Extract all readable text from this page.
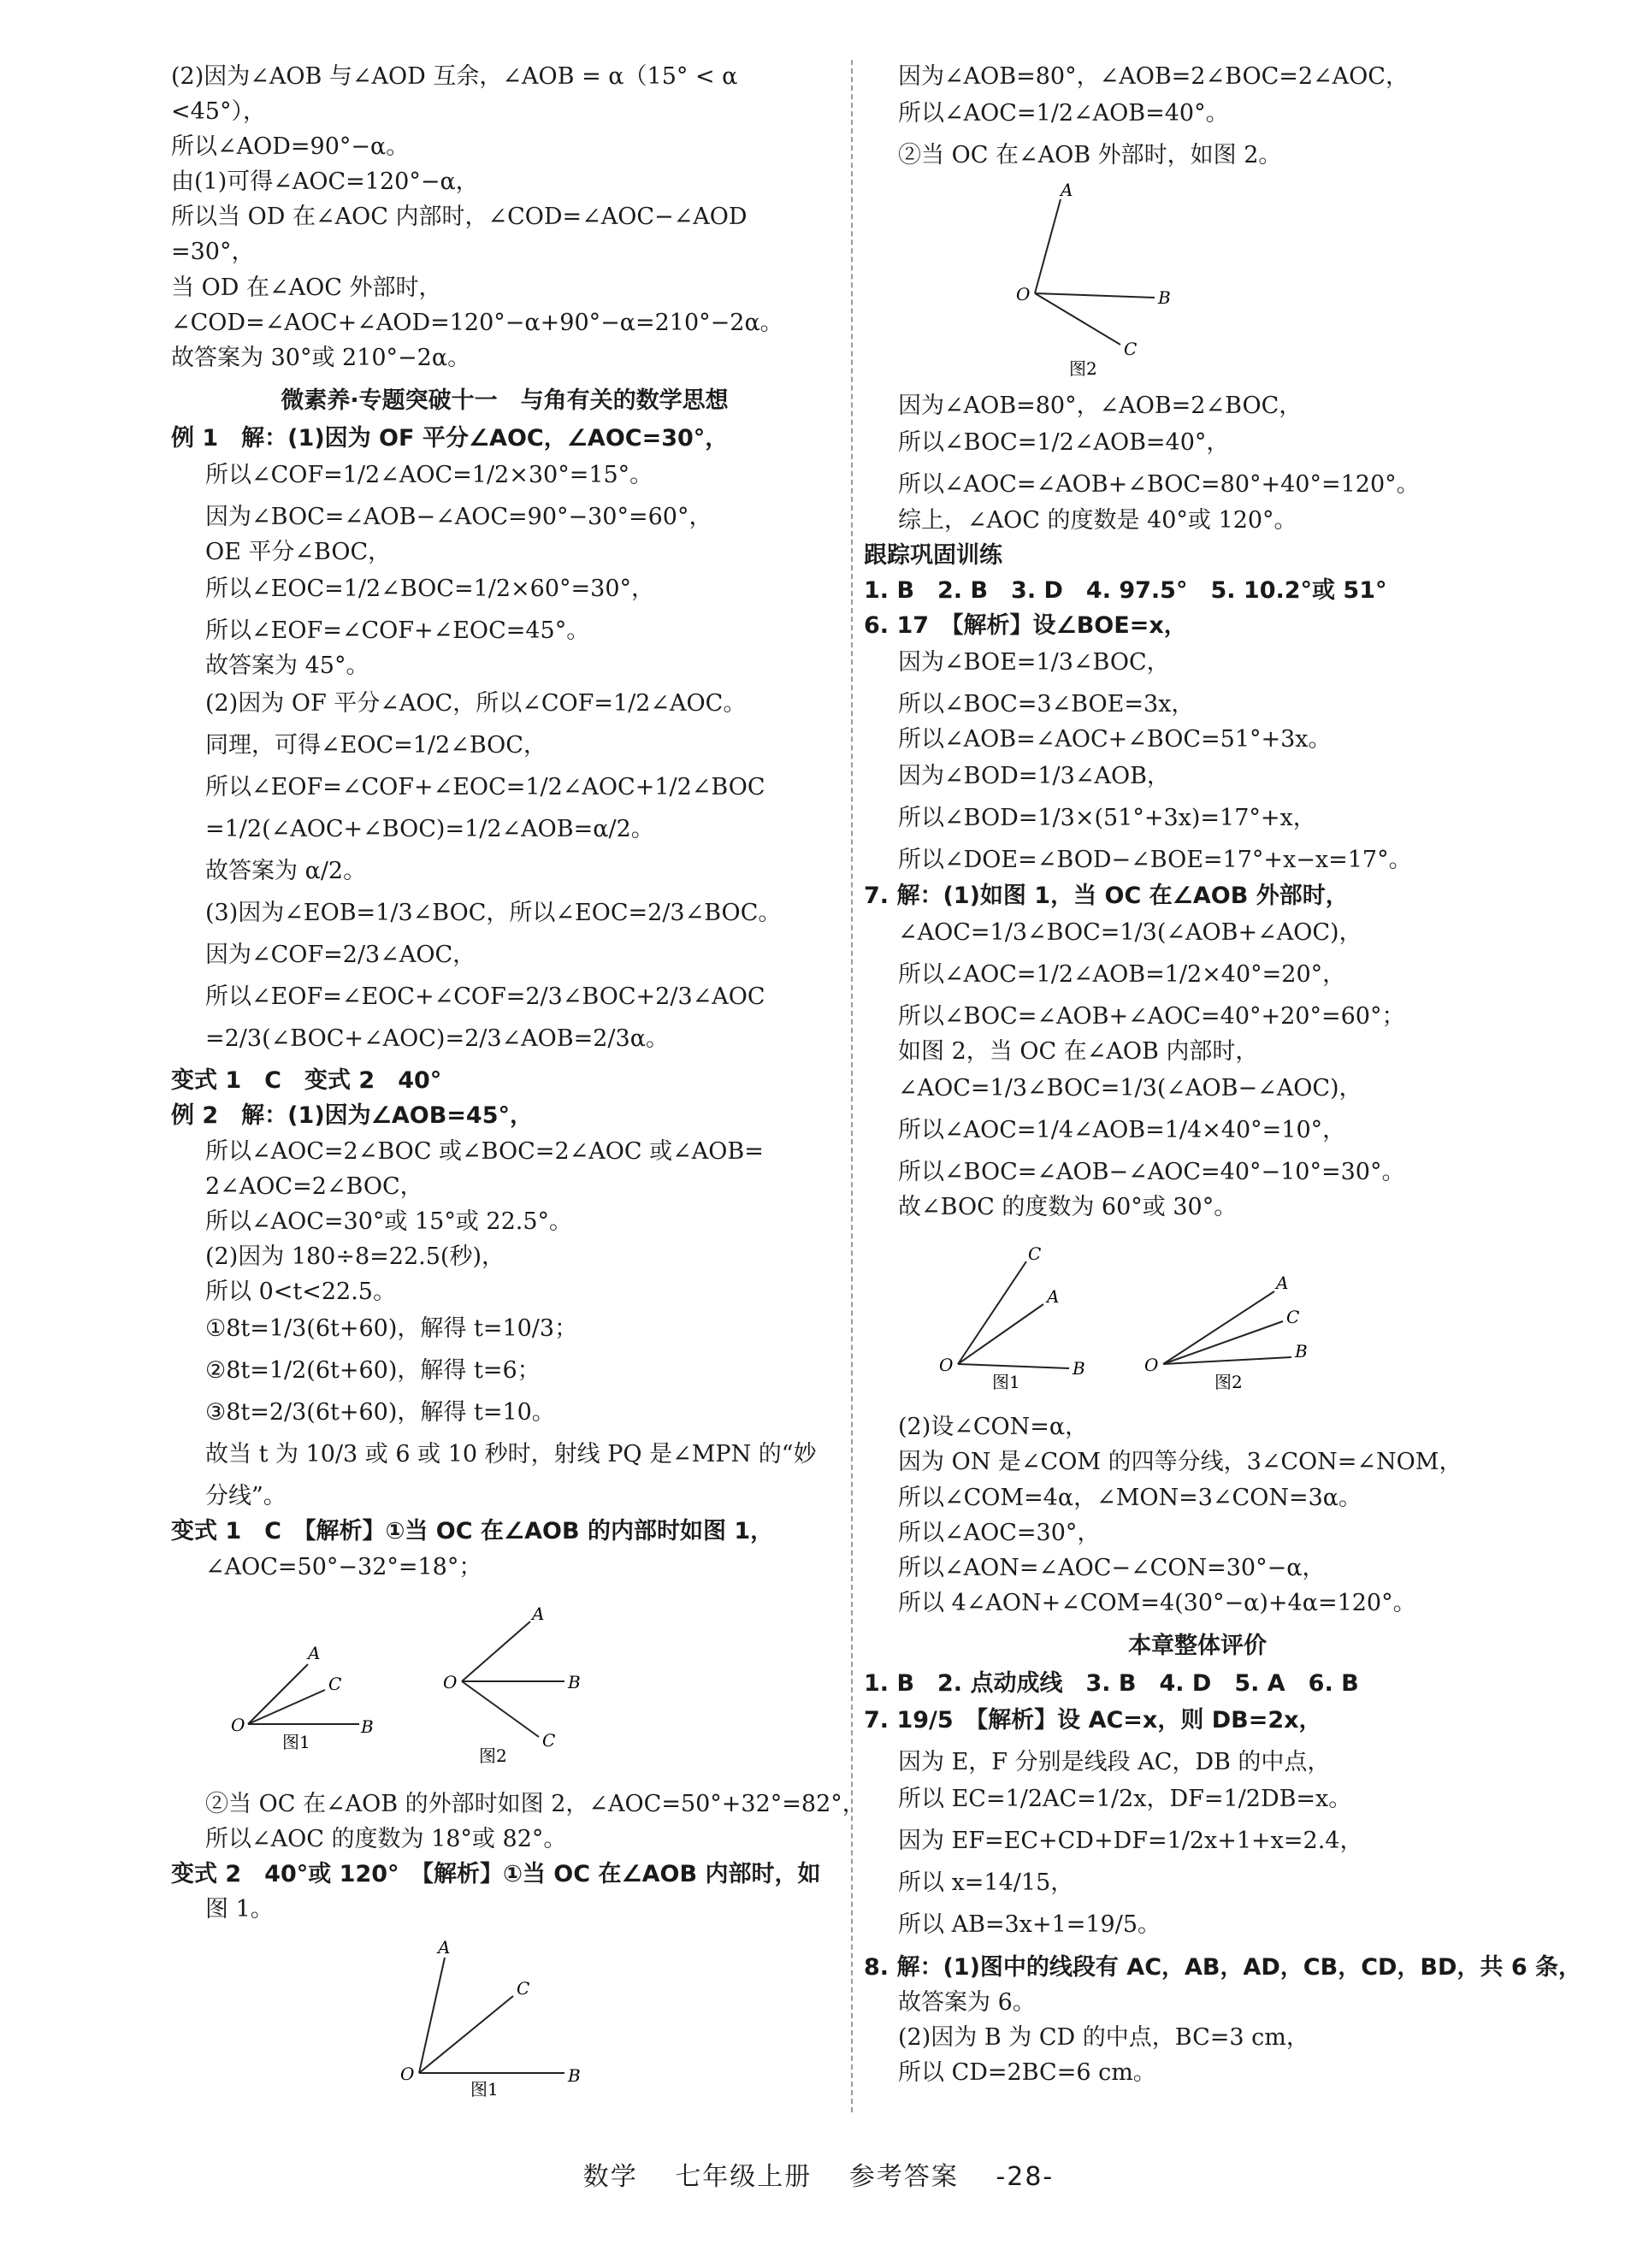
(2)因为∠AOB 与∠AOD 互余，∠AOB = α（15° < α
<45°），
所以∠AOD=90°−α。
由(1)可得∠AOC=120°−α，
所以当 OD 在∠AOC 内部时，∠COD=∠AOC−∠AOD
=30°，
当 OD 在∠AOC 外部时，
∠COD=∠AOC+∠AOD=120°−α+90°−α=210°−2α。
故答案为 30°或 210°−2α。
微素养·专题突破十一　与角有关的数学思想
例 1　解：(1)因为 OF 平分∠AOC，∠AOC=30°，
所以∠COF=1/2∠AOC=1/2×30°=15°。
因为∠BOC=∠AOB−∠AOC=90°−30°=60°，
OE 平分∠BOC，
所以∠EOC=1/2∠BOC=1/2×60°=30°，
所以∠EOF=∠COF+∠EOC=45°。
故答案为 45°。
(2)因为 OF 平分∠AOC，所以∠COF=1/2∠AOC。
同理，可得∠EOC=1/2∠BOC，
所以∠EOF=∠COF+∠EOC=1/2∠AOC+1/2∠BOC
=1/2(∠AOC+∠BOC)=1/2∠AOB=α/2。
故答案为 α/2。
(3)因为∠EOB=1/3∠BOC，所以∠EOC=2/3∠BOC。
因为∠COF=2/3∠AOC，
所以∠EOF=∠EOC+∠COF=2/3∠BOC+2/3∠AOC
=2/3(∠BOC+∠AOC)=2/3∠AOB=2/3α。
变式 1　C　变式 2　40°
例 2　解：(1)因为∠AOB=45°，
所以∠AOC=2∠BOC 或∠BOC=2∠AOC 或∠AOB=
2∠AOC=2∠BOC，
所以∠AOC=30°或 15°或 22.5°。
(2)因为 180÷8=22.5(秒)，
所以 0<t<22.5。
①8t=1/3(6t+60)，解得 t=10/3；
②8t=1/2(6t+60)，解得 t=6；
③8t=2/3(6t+60)，解得 t=10。
故当 t 为 10/3 或 6 或 10 秒时，射线 PQ 是∠MPN 的“妙
分线”。
变式 1　C　【解析】①当 OC 在∠AOB 的内部时如图 1，
∠AOC=50°−32°=18°；
O
A
C
B
图1
O
A
B
C
图2
②当 OC 在∠AOB 的外部时如图 2，∠AOC=50°+32°=82°，
所以∠AOC 的度数为 18°或 82°。
变式 2　40°或 120°　【解析】①当 OC 在∠AOB 内部时，如
图 1。
O
A
C
B
图1
因为∠AOB=80°，∠AOB=2∠BOC=2∠AOC，
所以∠AOC=1/2∠AOB=40°。
②当 OC 在∠AOB 外部时，如图 2。
O
A
B
C
图2
因为∠AOB=80°，∠AOB=2∠BOC，
所以∠BOC=1/2∠AOB=40°，
所以∠AOC=∠AOB+∠BOC=80°+40°=120°。
综上，∠AOC 的度数是 40°或 120°。
跟踪巩固训练
1. B　2. B　3. D　4. 97.5°　5. 10.2°或 51°
6. 17　【解析】设∠BOE=x，
因为∠BOE=1/3∠BOC，
所以∠BOC=3∠BOE=3x，
所以∠AOB=∠AOC+∠BOC=51°+3x。
因为∠BOD=1/3∠AOB，
所以∠BOD=1/3×(51°+3x)=17°+x，
所以∠DOE=∠BOD−∠BOE=17°+x−x=17°。
7. 解：(1)如图 1，当 OC 在∠AOB 外部时，
∠AOC=1/3∠BOC=1/3(∠AOB+∠AOC)，
所以∠AOC=1/2∠AOB=1/2×40°=20°，
所以∠BOC=∠AOB+∠AOC=40°+20°=60°；
如图 2，当 OC 在∠AOB 内部时，
∠AOC=1/3∠BOC=1/3(∠AOB−∠AOC)，
所以∠AOC=1/4∠AOB=1/4×40°=10°，
所以∠BOC=∠AOB−∠AOC=40°−10°=30°。
故∠BOC 的度数为 60°或 30°。
O
C
A
B
图1
O
A
C
B
图2
(2)设∠CON=α，
因为 ON 是∠COM 的四等分线，3∠CON=∠NOM，
所以∠COM=4α，∠MON=3∠CON=3α。
所以∠AOC=30°，
所以∠AON=∠AOC−∠CON=30°−α，
所以 4∠AON+∠COM=4(30°−α)+4α=120°。
本章整体评价
1. B　2. 点动成线　3. B　4. D　5. A　6. B
7. 19/5　【解析】设 AC=x，则 DB=2x，
因为 E，F 分别是线段 AC，DB 的中点，
所以 EC=1/2AC=1/2x，DF=1/2DB=x。
因为 EF=EC+CD+DF=1/2x+1+x=2.4，
所以 x=14/15，
所以 AB=3x+1=19/5。
8. 解：(1)图中的线段有 AC，AB，AD，CB，CD，BD，共 6 条，
故答案为 6。
(2)因为 B 为 CD 的中点，BC=3 cm，
所以 CD=2BC=6 cm。
数学 七年级上册 参考答案 -28-
